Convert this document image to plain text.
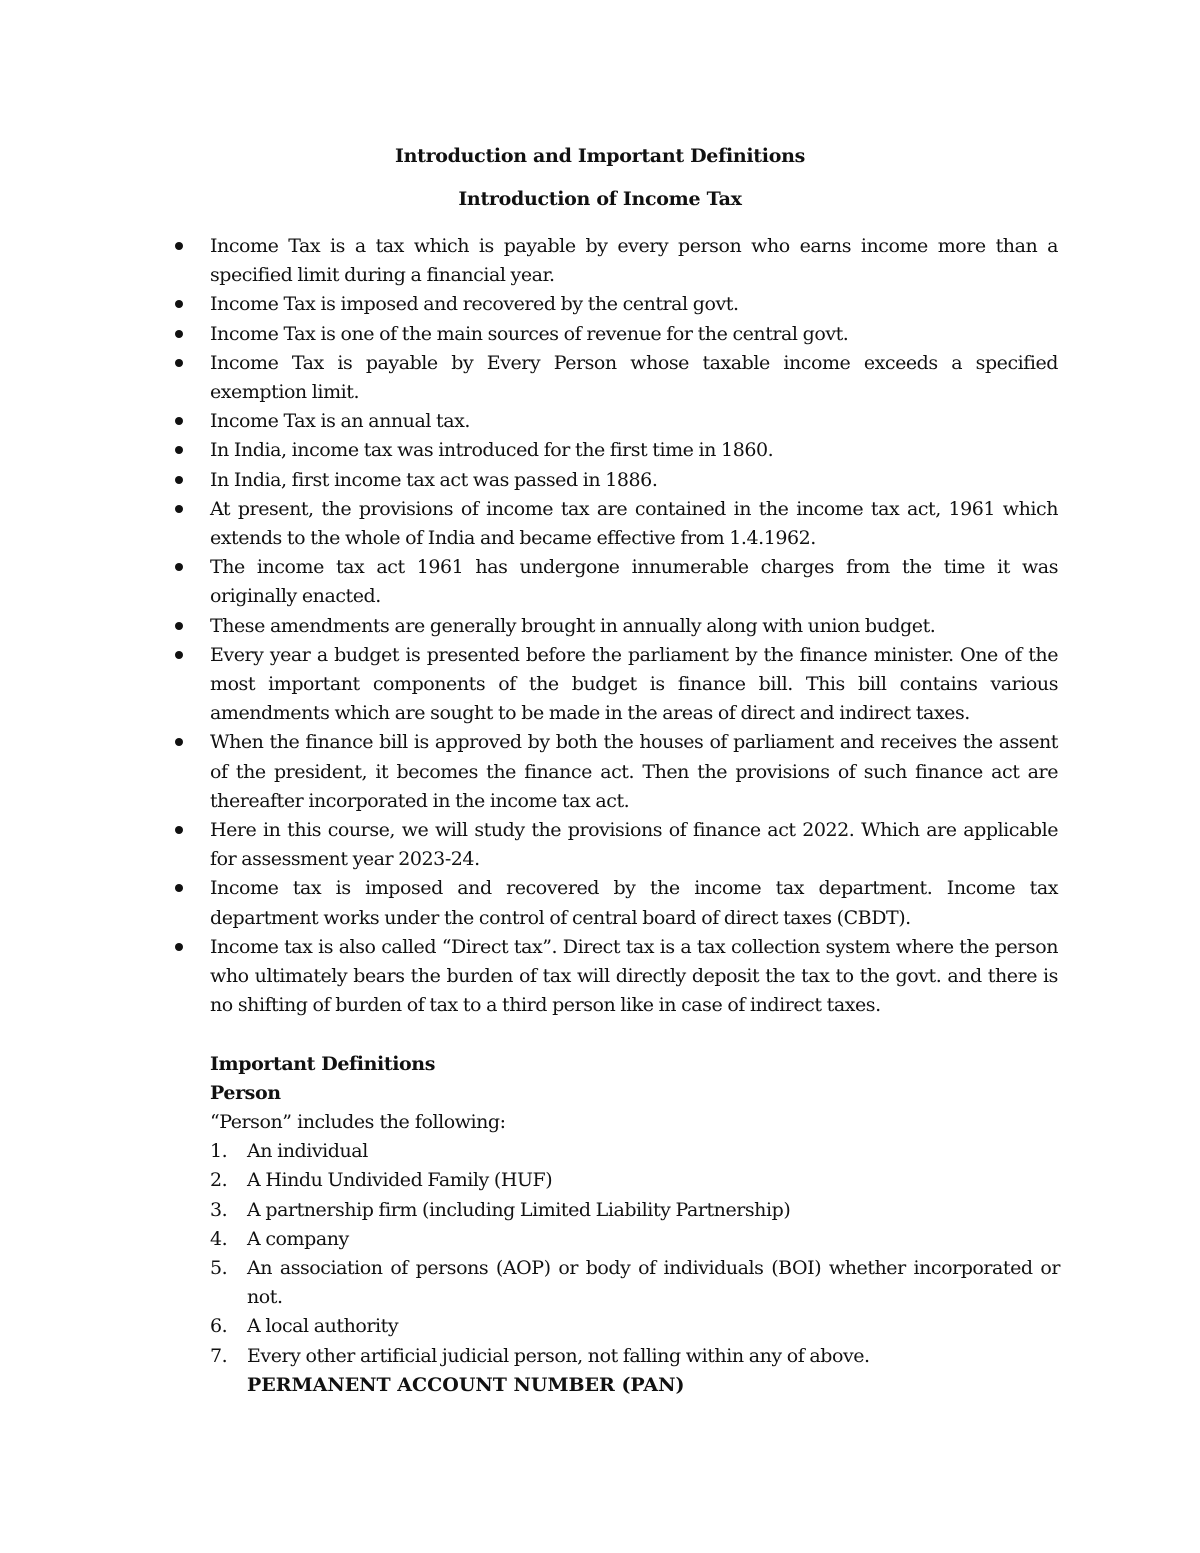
Introduction and Important Definitions
Introduction of Income Tax
Income Tax is a tax which is payable by every person who earns income more than a specified limit during a financial year.
Income Tax is imposed and recovered by the central govt.
Income Tax is one of the main sources of revenue for the central govt.
Income Tax is payable by Every Person whose taxable income exceeds a specified exemption limit.
Income Tax is an annual tax.
In India, income tax was introduced for the first time in 1860.
In India, first income tax act was passed in 1886.
At present, the provisions of income tax are contained in the income tax act, 1961 which extends to the whole of India and became effective from 1.4.1962.
The income tax act 1961 has undergone innumerable charges from the time it was originally enacted.
These amendments are generally brought in annually along with union budget.
Every year a budget is presented before the parliament by the finance minister. One of the most important components of the budget is finance bill. This bill contains various amendments which are sought to be made in the areas of direct and indirect taxes.
When the finance bill is approved by both the houses of parliament and receives the assent of the president, it becomes the finance act. Then the provisions of such finance act are thereafter incorporated in the income tax act.
Here in this course, we will study the provisions of finance act 2022. Which are applicable for assessment year 2023-24.
Income tax is imposed and recovered by the income tax department. Income tax department works under the control of central board of direct taxes (CBDT).
Income tax is also called “Direct tax”. Direct tax is a tax collection system where the person who ultimately bears the burden of tax will directly deposit the tax to the govt. and there is no shifting of burden of tax to a third person like in case of indirect taxes.
Important Definitions
Person
“Person” includes the following:
1. An individual
2. A Hindu Undivided Family (HUF)
3. A partnership firm (including Limited Liability Partnership)
4. A company
5. An association of persons (AOP) or body of individuals (BOI) whether incorporated or not.
6. A local authority
7. Every other artificial judicial person, not falling within any of above.
PERMANENT ACCOUNT NUMBER (PAN)
